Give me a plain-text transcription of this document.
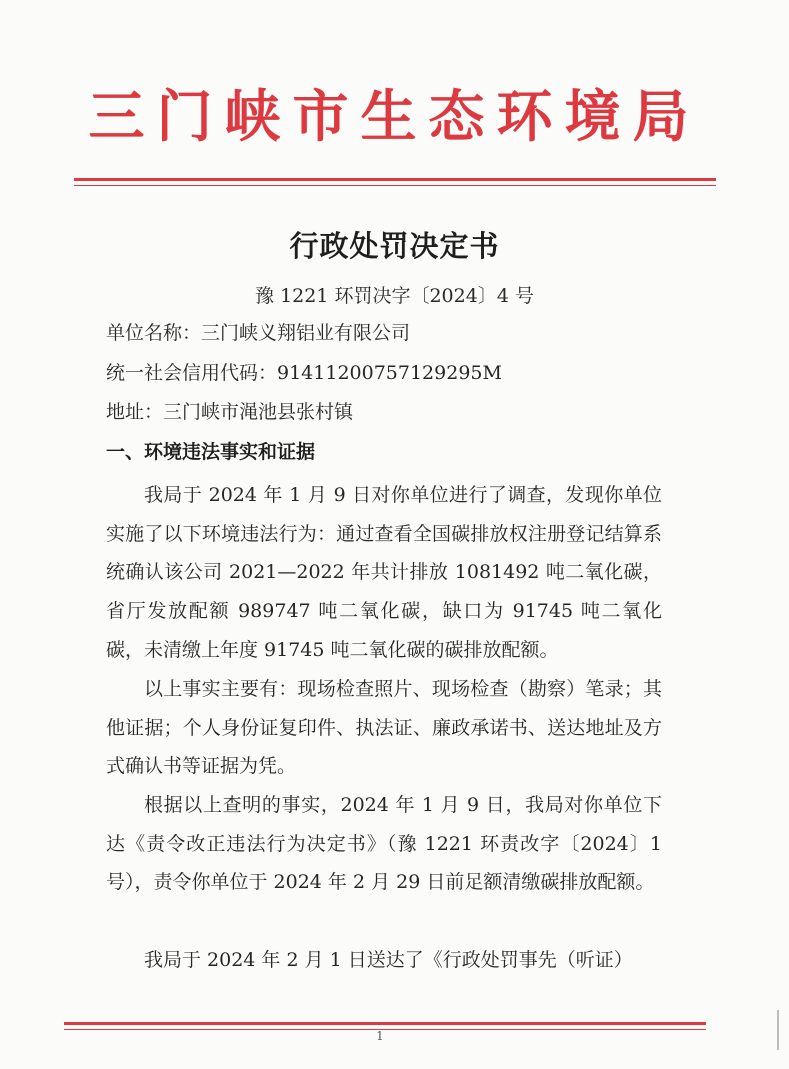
三门峡市生态环境局
行政处罚决定书
豫 1221 环罚决字〔2024〕4 号
单位名称：三门峡义翔铝业有限公司
统一社会信用代码：91411200757129295M
地址：三门峡市渑池县张村镇
一、环境违法事实和证据

我局于 2024 年 1 月 9 日对你单位进行了调查，发现你单位实施了以下环境违法行为：通过查看全国碳排放权注册登记结算系统确认该公司 2021—2022 年共计排放 1081492 吨二氧化碳，省厅发放配额 989747 吨二氧化碳，缺口为 91745 吨二氧化碳，未清缴上年度 91745 吨二氧化碳的碳排放配额。

以上事实主要有：现场检查照片、现场检查（勘察）笔录；其他证据；个人身份证复印件、执法证、廉政承诺书、送达地址及方式确认书等证据为凭。

根据以上查明的事实，2024 年 1 月 9 日，我局对你单位下达《责令改正违法行为决定书》（豫 1221 环责改字〔2024〕1 号），责令你单位于 2024 年 2 月 29 日前足额清缴碳排放配额。

我局于 2024 年 2 月 1 日送达了《行政处罚事先（听证）

1
